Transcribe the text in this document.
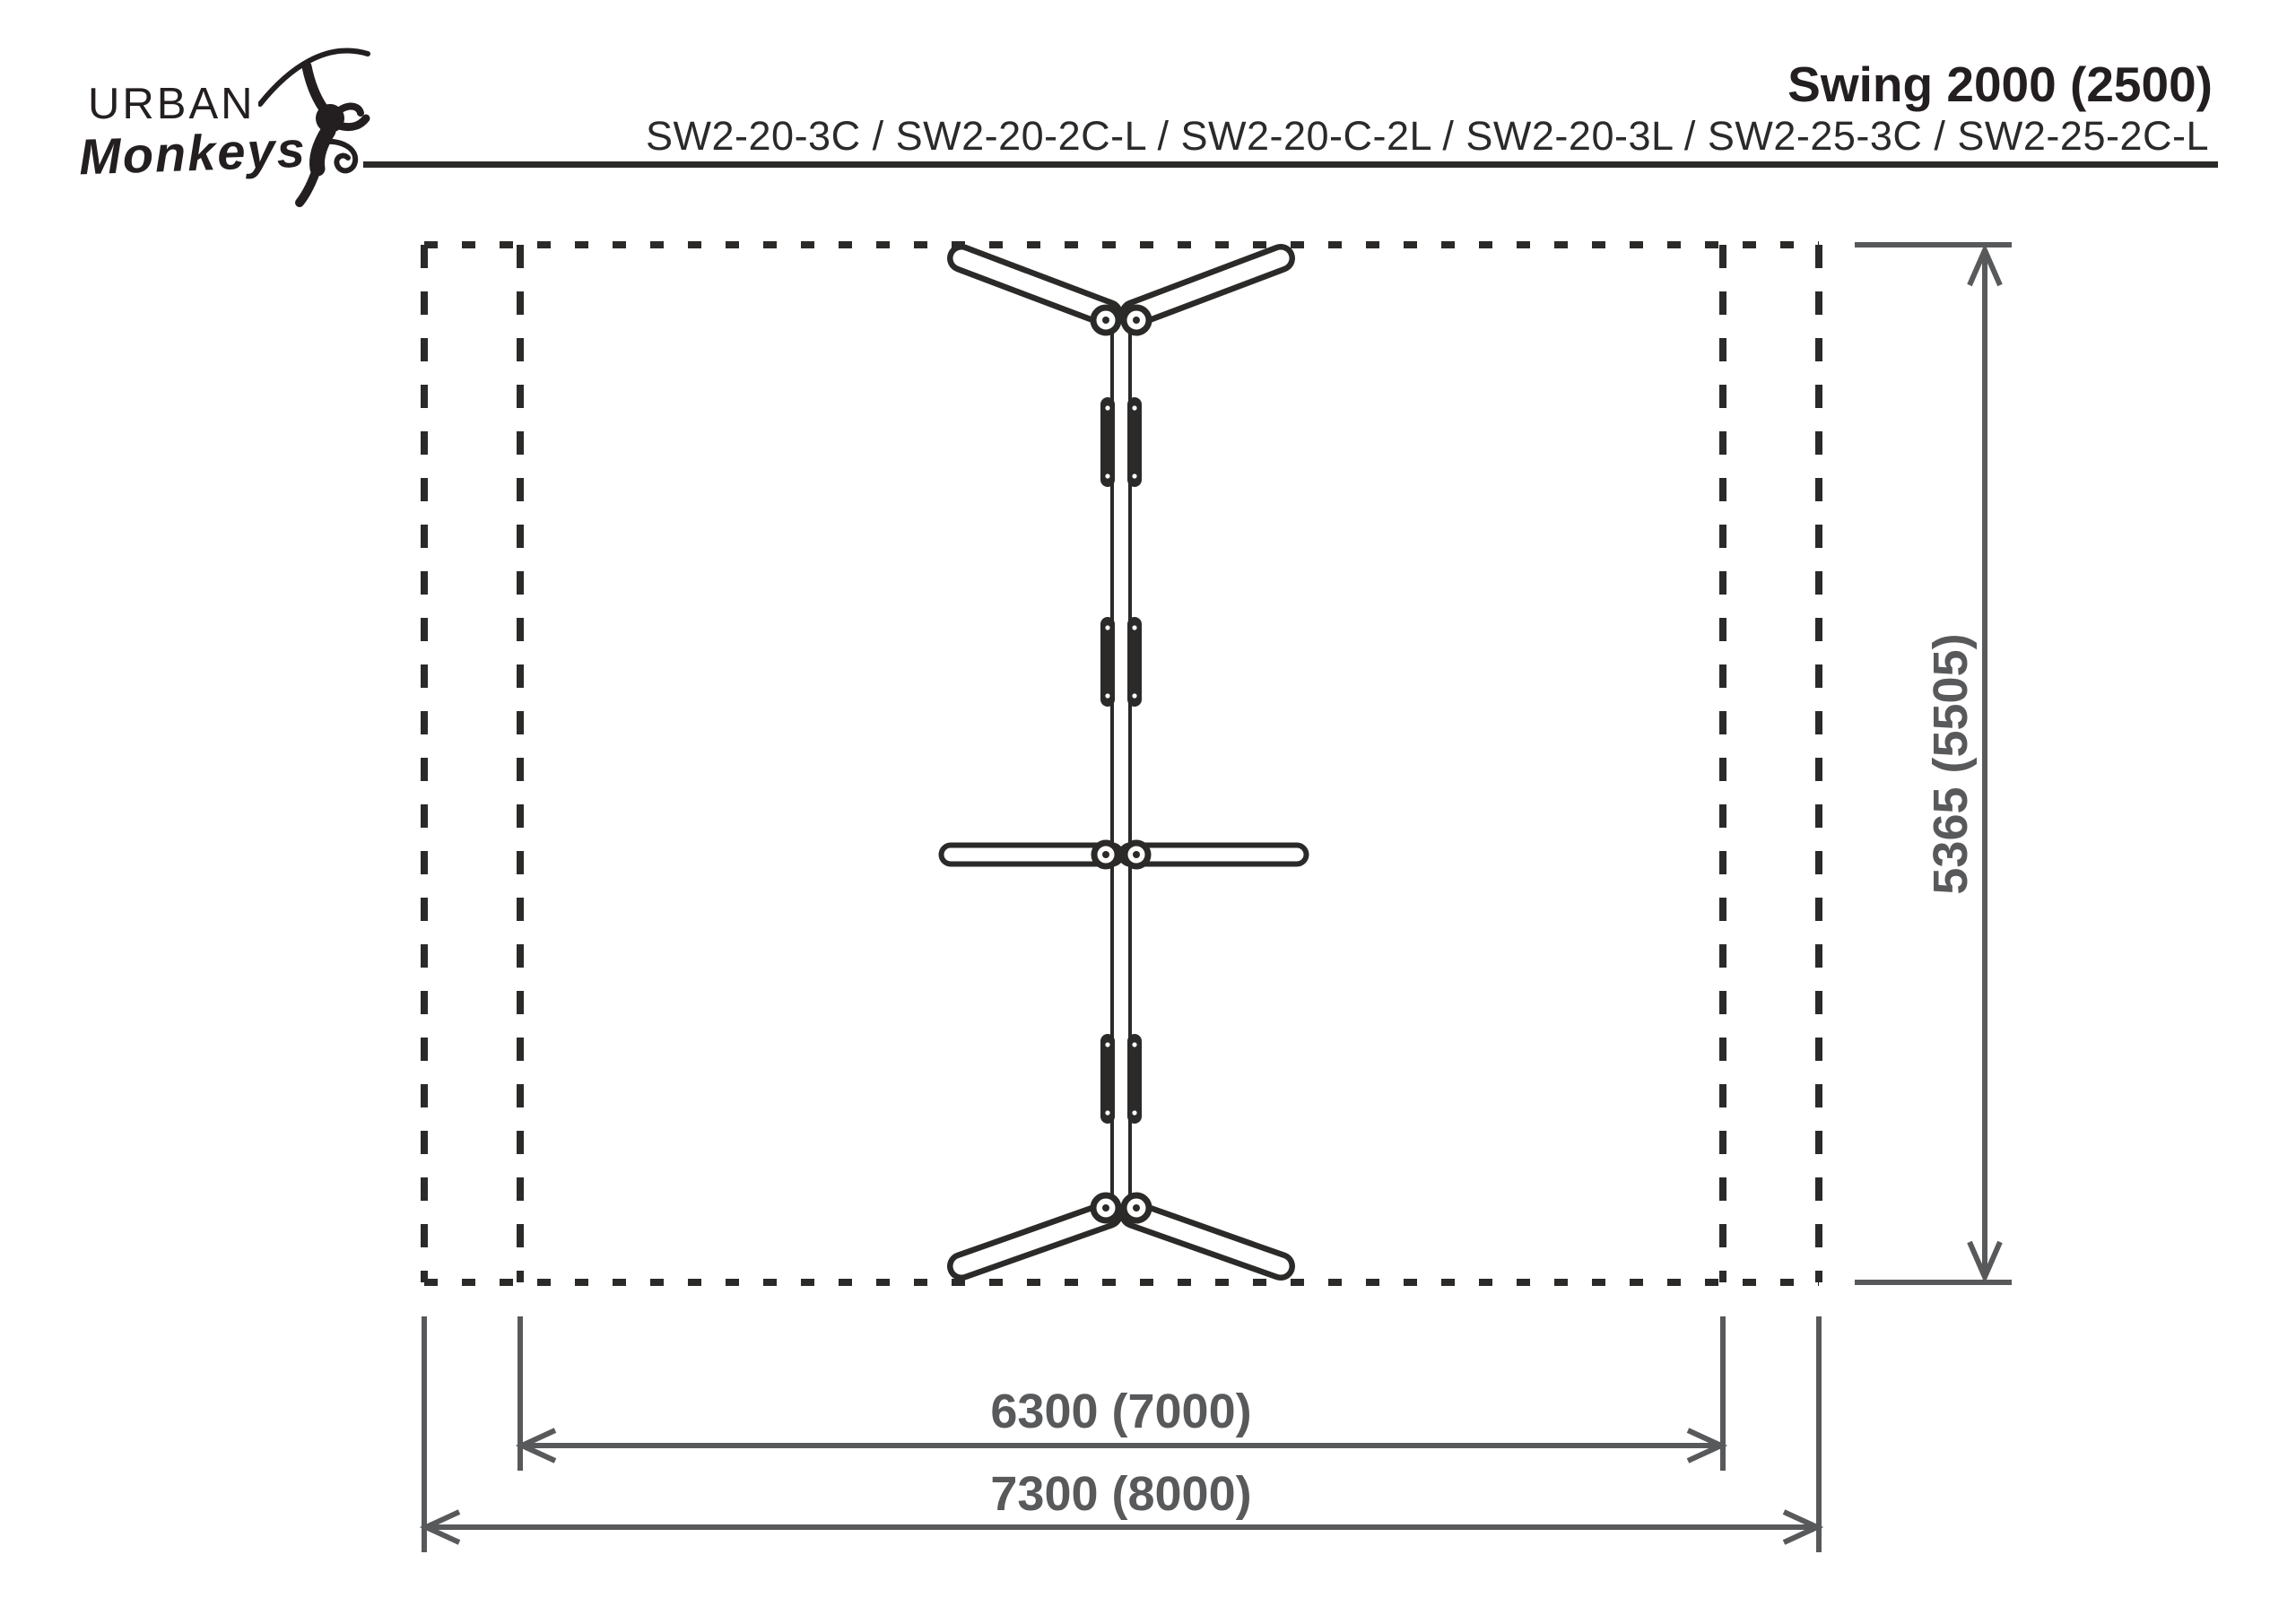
URBAN
Monkeys
Swing 2000 (2500)
SW2-20-3C / SW2-20-2C-L / SW2-20-C-2L / SW2-20-3L / SW2-25-3C / SW2-25-2C-L
5365 (5505)
6300 (7000)
7300 (8000)
